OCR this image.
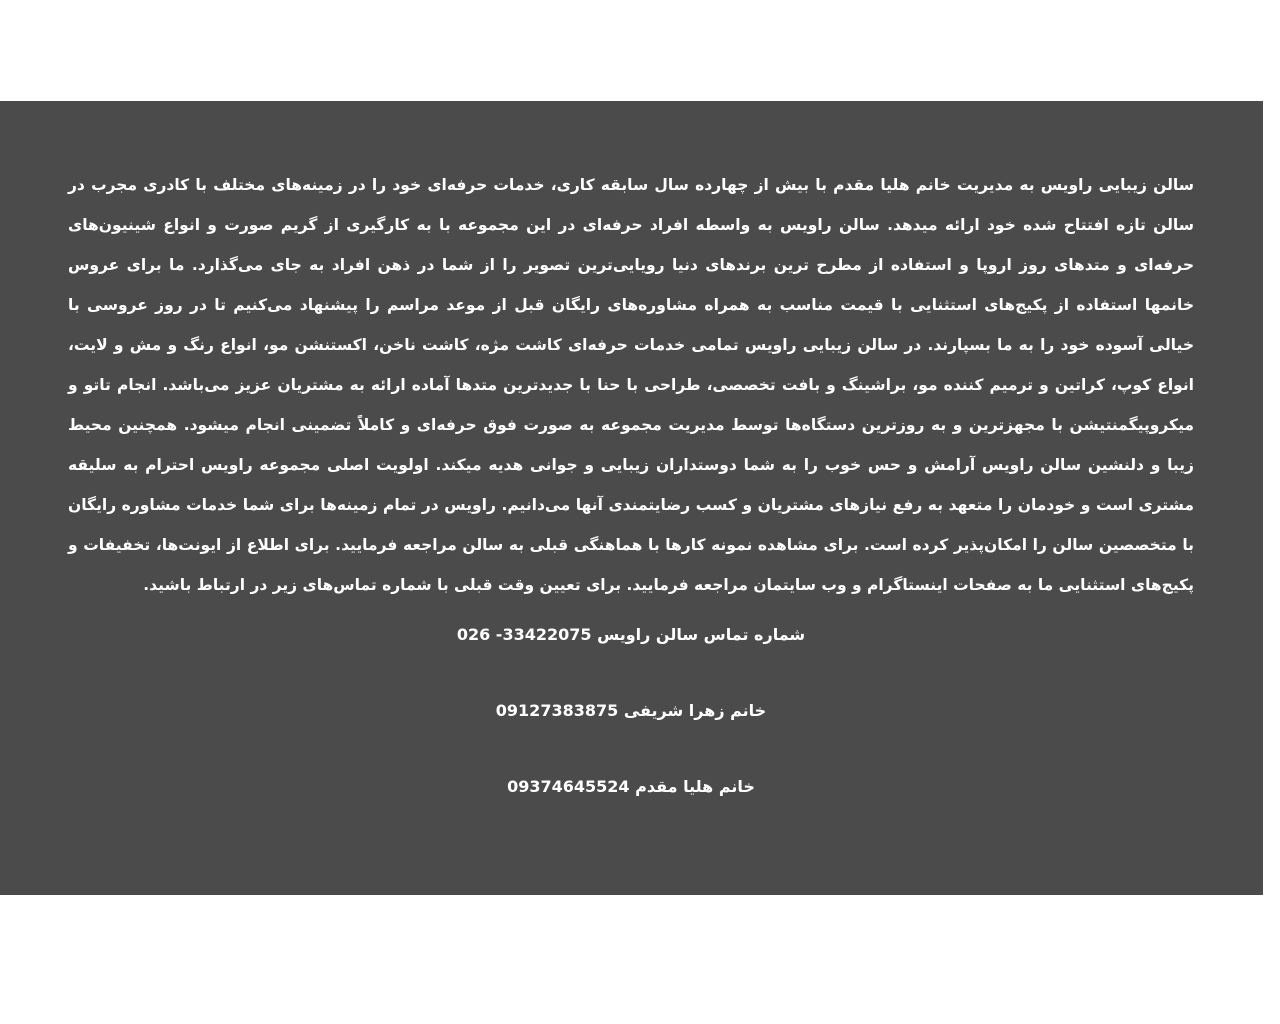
سالن زیبایی راویس به مدیریت خانم هلیا مقدم با بیش از چهارده سال سابقه کاری، خدمات حرفه‌ای خود را در زمینه‌های مختلف با کادری مجرب در سالن تازه افتتاح شده خود ارائه میدهد. سالن راویس به واسطه افراد حرفه‌ای در این مجموعه با به کارگیری از گریم صورت و انواع شینیون‌های حرفه‌ای و متدهای روز اروپا و استفاده از مطرح ترین برندهای دنیا رویایی‌ترین تصویر را از شما در ذهن افراد به جای می‌گذارد. ما برای عروس خانمها استفاده از پکیج‌های استثنایی با قیمت مناسب به همراه مشاوره‌های رایگان قبل از موعد مراسم را پیشنهاد می‌کنیم تا در روز عروسی با خیالی آسوده خود را به ما بسپارند. در سالن زیبایی راویس تمامی خدمات حرفه‌ای کاشت مژه، کاشت ناخن، اکستنشن مو، انواع رنگ و مش و لایت، انواع کوپ، کراتین و ترمیم کننده مو، براشینگ و بافت تخصصی، طراحی با حنا با جدیدترین متدها آماده ارائه به مشتریان عزیز می‌باشد. انجام تاتو و میکروپیگمنتیشن با مجهزترین و به روزترین دستگاه‌ها توسط مدیریت مجموعه به صورت فوق حرفه‌ای و کاملاً تضمینی انجام میشود. همچنین محیط زیبا و دلنشین سالن راویس آرامش و حس خوب را به شما دوستداران زیبایی و جوانی هدیه میکند. اولویت اصلی مجموعه راویس احترام به سلیقه مشتری است و خودمان را متعهد به رفع نیازهای مشتریان و کسب رضایتمندی آنها می‌دانیم. راویس در تمام زمینه‌ها برای شما خدمات مشاوره رایگان با متخصصین سالن را امکان‌پذیر کرده است. برای مشاهده نمونه کارها با هماهنگی قبلی به سالن مراجعه فرمایید. برای اطلاع از ایونت‌ها، تخفیفات و پکیج‌های استثنایی ما به صفحات اینستاگرام و وب سایتمان مراجعه فرمایید. برای تعیین وقت قبلی با شماره تماس‌های زیر در ارتباط باشید.

شماره تماس سالن راویس 33422075- 026

خانم زهرا شریفی 09127383875

خانم هلیا مقدم 09374645524
